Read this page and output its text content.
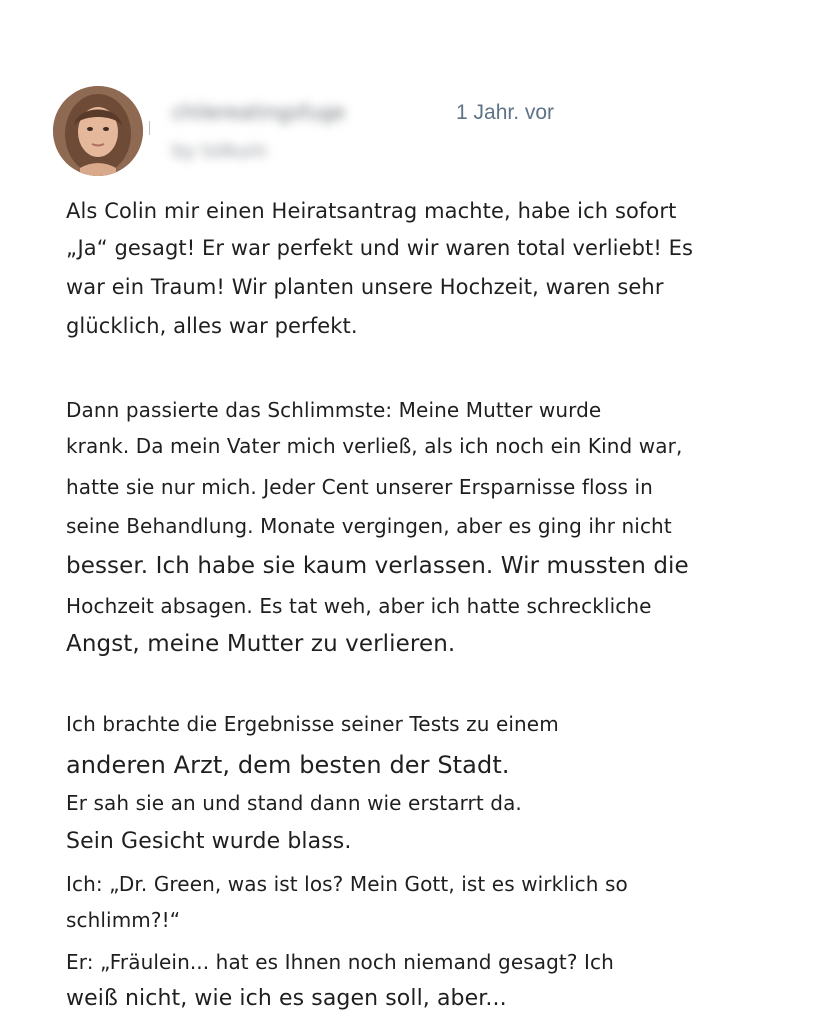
chilereatingsfuge
by tolkum
1 Jahr. vor
Als Colin mir einen Heiratsantrag machte, habe ich sofort
„Ja“ gesagt! Er war perfekt und wir waren total verliebt! Es
war ein Traum! Wir planten unsere Hochzeit, waren sehr
glücklich, alles war perfekt.
Dann passierte das Schlimmste: Meine Mutter wurde
krank. Da mein Vater mich verließ, als ich noch ein Kind war,
hatte sie nur mich. Jeder Cent unserer Ersparnisse floss in
seine Behandlung. Monate vergingen, aber es ging ihr nicht
besser. Ich habe sie kaum verlassen. Wir mussten die
Hochzeit absagen. Es tat weh, aber ich hatte schreckliche
Angst, meine Mutter zu verlieren.
Ich brachte die Ergebnisse seiner Tests zu einem
anderen Arzt, dem besten der Stadt.
Er sah sie an und stand dann wie erstarrt da.
Sein Gesicht wurde blass.
Ich: „Dr. Green, was ist los? Mein Gott, ist es wirklich so
schlimm?!“
Er: „Fräulein... hat es Ihnen noch niemand gesagt? Ich
weiß nicht, wie ich es sagen soll, aber...
